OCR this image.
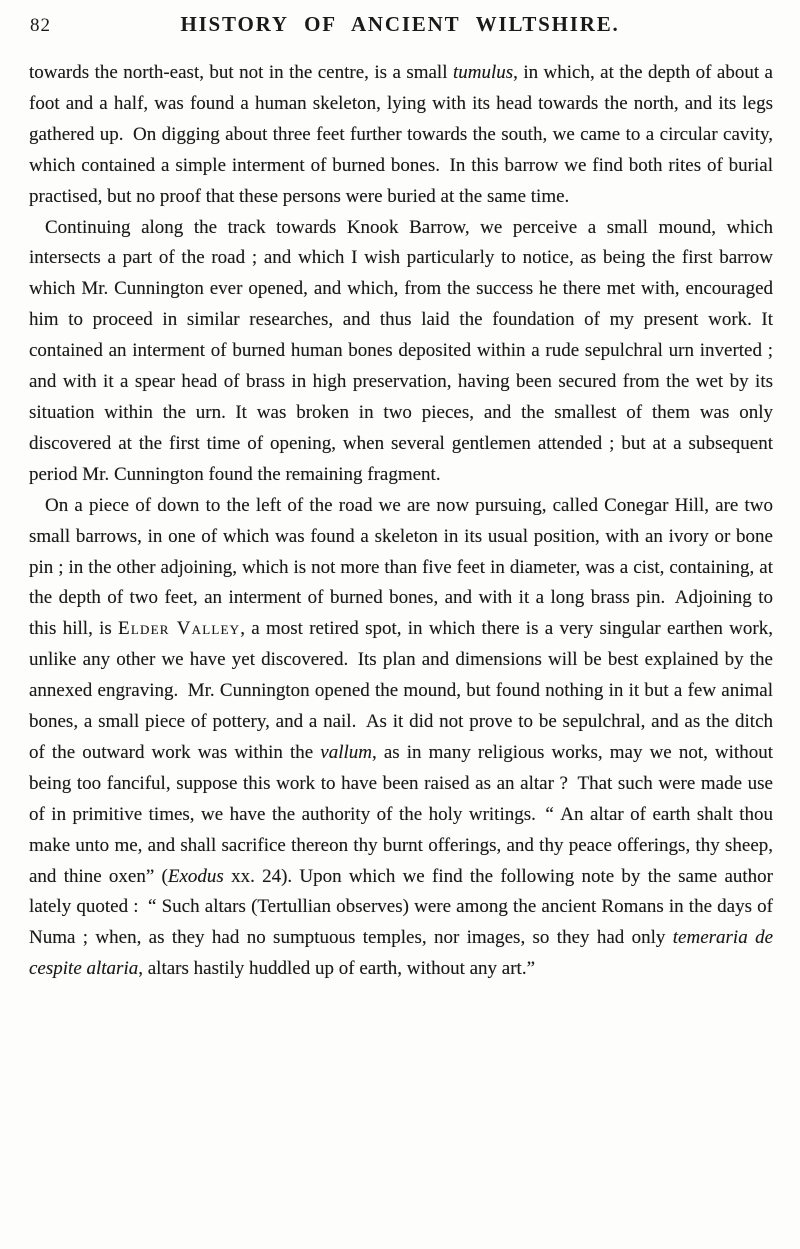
82	HISTORY OF ANCIENT WILTSHIRE.

towards the north-east, but not in the centre, is a small tumulus, in which, at the depth of about a foot and a half, was found a human skeleton, lying with its head towards the north, and its legs gathered up. On digging about three feet further towards the south, we came to a circular cavity, which contained a simple interment of burned bones. In this barrow we find both rites of burial practised, but no proof that these persons were buried at the same time.

Continuing along the track towards Knook Barrow, we perceive a small mound, which intersects a part of the road ; and which I wish particularly to notice, as being the first barrow which Mr. Cunnington ever opened, and which, from the success he there met with, encouraged him to proceed in similar researches, and thus laid the foundation of my present work. It contained an interment of burned human bones deposited within a rude sepulchral urn inverted ; and with it a spear head of brass in high preservation, having been secured from the wet by its situation within the urn. It was broken in two pieces, and the smallest of them was only discovered at the first time of opening, when several gentlemen attended ; but at a subsequent period Mr. Cunnington found the remaining fragment.

On a piece of down to the left of the road we are now pursuing, called Conegar Hill, are two small barrows, in one of which was found a skeleton in its usual position, with an ivory or bone pin ; in the other adjoining, which is not more than five feet in diameter, was a cist, containing, at the depth of two feet, an interment of burned bones, and with it a long brass pin. Adjoining to this hill, is Elder Valley, a most retired spot, in which there is a very singular earthen work, unlike any other we have yet discovered. Its plan and dimensions will be best explained by the annexed engraving. Mr. Cunnington opened the mound, but found nothing in it but a few animal bones, a small piece of pottery, and a nail. As it did not prove to be sepulchral, and as the ditch of the outward work was within the vallum, as in many religious works, may we not, without being too fanciful, suppose this work to have been raised as an altar ? That such were made use of in primitive times, we have the authority of the holy writings. “ An altar of earth shalt thou make unto me, and shall sacrifice thereon thy burnt offerings, and thy peace offerings, thy sheep, and thine oxen” (Exodus xx. 24). Upon which we find the following note by the same author lately quoted : “ Such altars (Tertullian observes) were among the ancient Romans in the days of Numa ; when, as they had no sumptuous temples, nor images, so they had only temeraria de cespite altaria, altars hastily huddled up of earth, without any art.”
